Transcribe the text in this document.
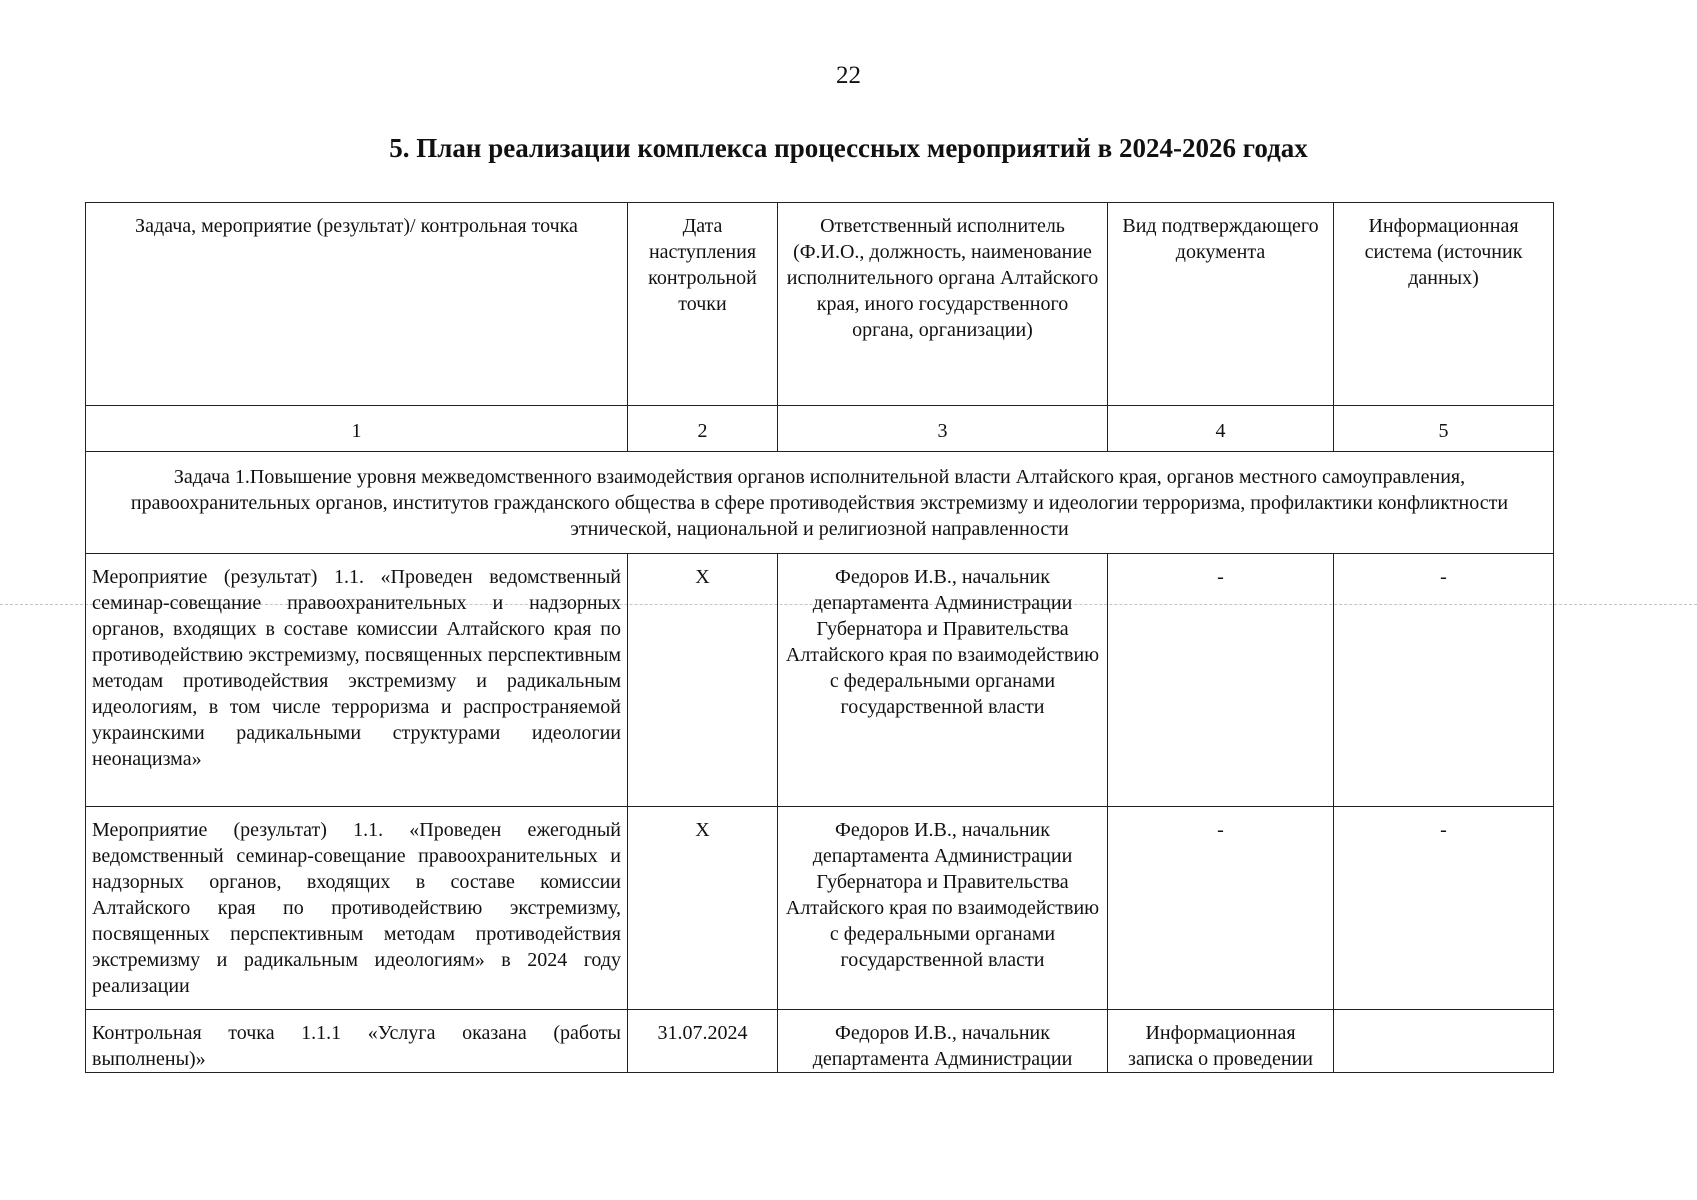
22
5. План реализации комплекса процессных мероприятий в 2024-2026 годах
Задача, мероприятие (результат)/ контрольная точка	Дата наступления контрольной точки	Ответственный исполнитель (Ф.И.О., должность, наименование исполнительного органа Алтайского края, иного государственного органа, организации)	Вид подтверждающего документа	Информационная система (источник данных)
1	2	3	4	5
Задача 1.Повышение уровня межведомственного взаимодействия органов исполнительной власти Алтайского края, органов местного самоуправления, правоохранительных органов, институтов гражданского общества в сфере противодействия экстремизму и идеологии терроризма, профилактики конфликтности этнической, национальной и религиозной направленности				
Мероприятие (результат) 1.1. «Проведен ведомственный семинар-совещание правоохранительных и надзорных органов, входящих в составе комиссии Алтайского края по противодействию экстремизму, посвященных перспективным методам противодействия экстремизму и радикальным идеологиям, в том числе терроризма и распространяемой украинскими радикальными структурами идеологии неонацизма»	X	Федоров И.В., начальник департамента Администрации Губернатора и Правительства Алтайского края по взаимодействию с федеральными органами государственной власти	-	-
Мероприятие (результат) 1.1. «Проведен ежегодный ведомственный семинар-совещание правоохранительных и надзорных органов, входящих в составе комиссии Алтайского края по противодействию экстремизму, посвященных перспективным методам противодействия экстремизму и радикальным идеологиям» в 2024 году реализации	X	Федоров И.В., начальник департамента Администрации Губернатора и Правительства Алтайского края по взаимодействию с федеральными органами государственной власти	-	-
Контрольная точка 1.1.1 «Услуга оказана (работы выполнены)»	31.07.2024	Федоров И.В., начальник департамента Администрации	Информационная записка о проведении	
